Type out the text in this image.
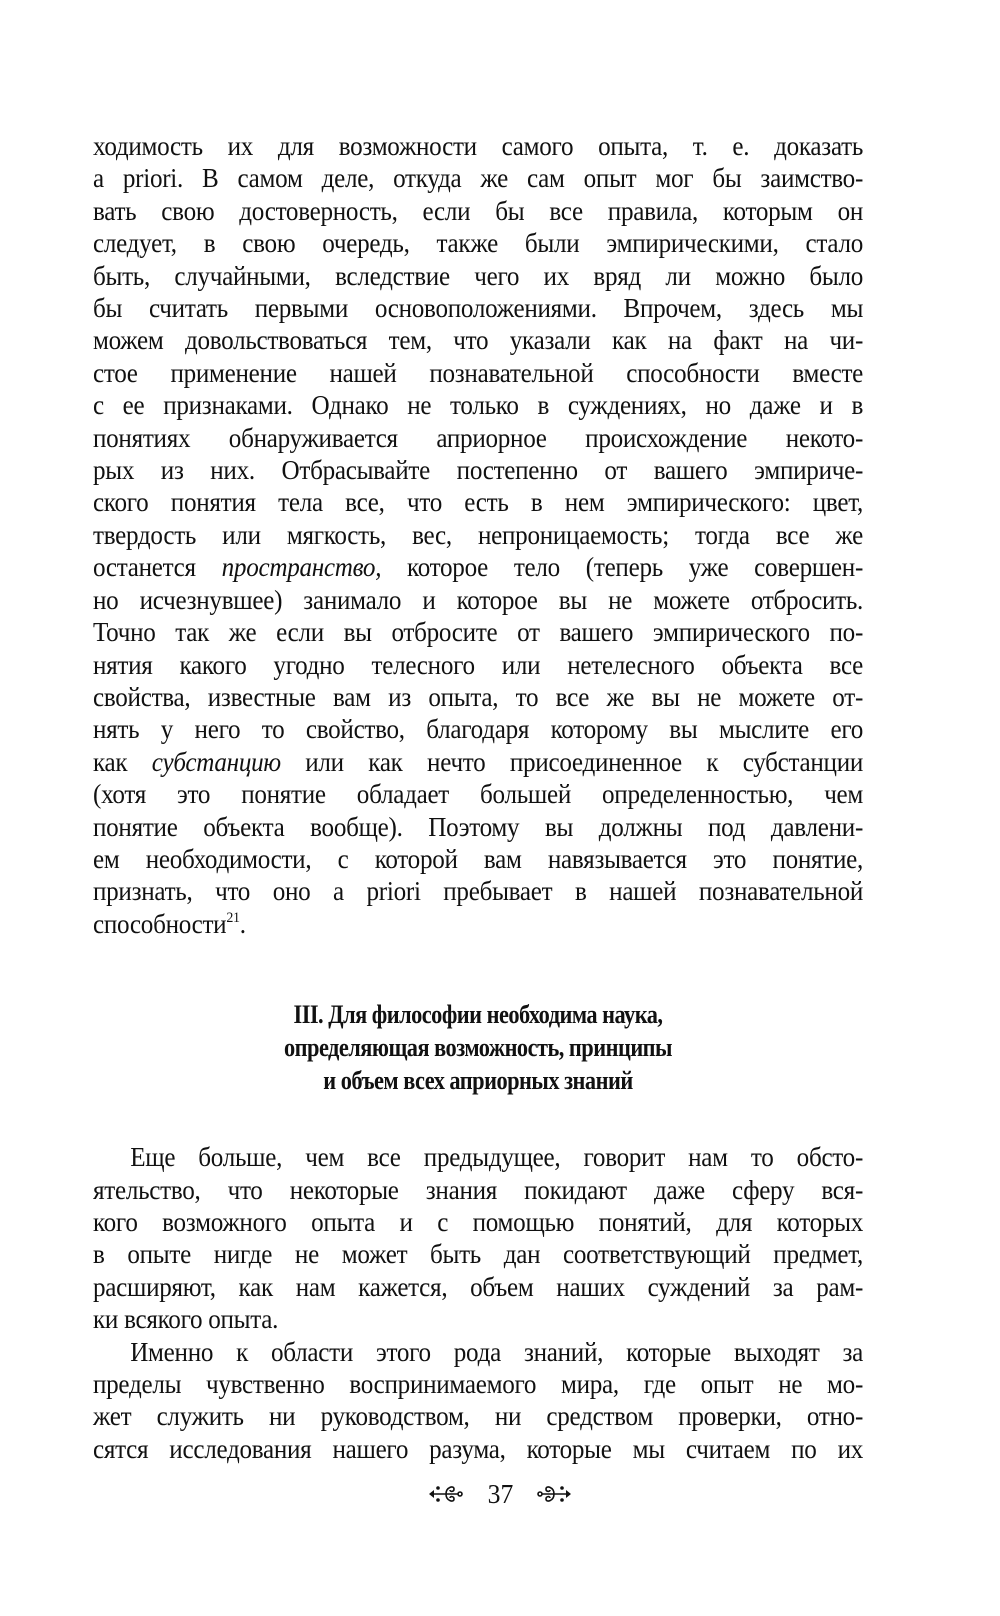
ходимость их для возможности самого опыта, т. е. доказать
a priori. В самом деле, откуда же сам опыт мог бы заимство-
вать свою достоверность, если бы все правила, которым он
следует, в свою очередь, также были эмпирическими, стало
быть, случайными, вследствие чего их вряд ли можно было
бы считать первыми основоположениями. Впрочем, здесь мы
можем довольствоваться тем, что указали как на факт на чи-
стое применение нашей познавательной способности вместе
с ее признаками. Однако не только в суждениях, но даже и в
понятиях обнаруживается априорное происхождение некото-
рых из них. Отбрасывайте постепенно от вашего эмпириче-
ского понятия тела все, что есть в нем эмпирического: цвет,
твердость или мягкость, вес, непроницаемость; тогда все же
останется пространство, которое тело (теперь уже совершен-
но исчезнувшее) занимало и которое вы не можете отбросить.
Точно так же если вы отбросите от вашего эмпирического по-
нятия какого угодно телесного или нетелесного объекта все
свойства, известные вам из опыта, то все же вы не можете от-
нять у него то свойство, благодаря которому вы мыслите его
как субстанцию или как нечто присоединенное к субстанции
(хотя это понятие обладает большей определенностью, чем
понятие объекта вообще). Поэтому вы должны под давлени-
ем необходимости, с которой вам навязывается это понятие,
признать, что оно a priori пребывает в нашей познавательной
способности$^{21}$.

III. Для философии необходима наука,
определяющая возможность, принципы
и объем всех априорных знаний

Еще больше, чем все предыдущее, говорит нам то обсто-
ятельство, что некоторые знания покидают даже сферу вся-
кого возможного опыта и с помощью понятий, для которых
в опыте нигде не может быть дан соответствующий предмет,
расширяют, как нам кажется, объем наших суждений за рам-
ки всякого опыта.

Именно к области этого рода знаний, которые выходят за
пределы чувственно воспринимаемого мира, где опыт не мо-
жет служить ни руководством, ни средством проверки, отно-
сятся исследования нашего разума, которые мы считаем по их

37
